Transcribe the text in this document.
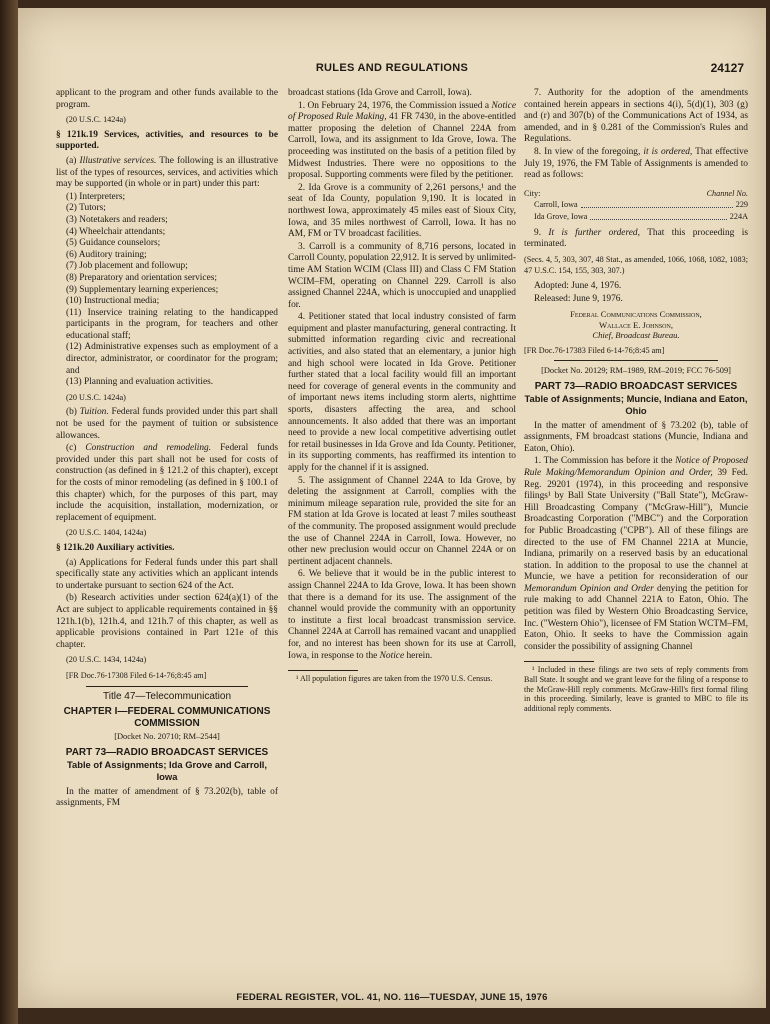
RULES AND REGULATIONS	24127

applicant to the program and other funds available to the program.

(20 U.S.C. 1424a)

§ 121k.19 Services, activities, and resources to be supported.

(a) Illustrative services. The following is an illustrative list of the types of resources, services, and activities which may be supported (in whole or in part) under this part:

(1) Interpreters;

(2) Tutors;

(3) Notetakers and readers;

(4) Wheelchair attendants;

(5) Guidance counselors;

(6) Auditory training;

(7) Job placement and followup;

(8) Preparatory and orientation services;

(9) Supplementary learning experiences;

(10) Instructional media;

(11) Inservice training relating to the handicapped participants in the program, for teachers and other educational staff;

(12) Administrative expenses such as employment of a director, administrator, or coordinator for the program; and

(13) Planning and evaluation activities.

(20 U.S.C. 1424a)

(b) Tuition. Federal funds provided under this part shall not be used for the payment of tuition or subsistence allowances.

(c) Construction and remodeling. Federal funds provided under this part shall not be used for costs of construction (as defined in § 121.2 of this chapter), except for the costs of minor remodeling (as defined in § 100.1 of this chapter) which, for the purposes of this part, may include the acquisition, installation, modernization, or replacement of equipment.

(20 U.S.C. 1404, 1424a)

§ 121k.20 Auxiliary activities.

(a) Applications for Federal funds under this part shall specifically state any activities which an applicant intends to undertake pursuant to section 624 of the Act.

(b) Research activities under section 624(a)(1) of the Act are subject to applicable requirements contained in §§ 121h.1(b), 121h.4, and 121h.7 of this chapter, as well as applicable provisions contained in Part 121e of this chapter.

(20 U.S.C. 1434, 1424a)
[FR Doc.76-17308 Filed 6-14-76;8:45 am]
Title 47—Telecommunication
CHAPTER I—FEDERAL COMMUNICATIONS COMMISSION
[Docket No. 20710; RM–2544]
PART 73—RADIO BROADCAST SERVICES
Table of Assignments; Ida Grove and Carroll, Iowa

In the matter of amendment of § 73.202(b), table of assignments, FM

broadcast stations (Ida Grove and Carroll, Iowa).

1. On February 24, 1976, the Commission issued a Notice of Proposed Rule Making, 41 FR 7430, in the above-entitled matter proposing the deletion of Channel 224A from Carroll, Iowa, and its assignment to Ida Grove, Iowa. The proceeding was instituted on the basis of a petition filed by Midwest Industries. There were no oppositions to the proposal. Supporting comments were filed by the petitioner.

2. Ida Grove is a community of 2,261 persons,¹ and the seat of Ida County, population 9,190. It is located in northwest Iowa, approximately 45 miles east of Sioux City, Iowa, and 35 miles northwest of Carroll, Iowa. It has no AM, FM or TV broadcast facilities.

3. Carroll is a community of 8,716 persons, located in Carroll County, population 22,912. It is served by unlimited-time AM Station WCIM (Class III) and Class C FM Station WCIM–FM, operating on Channel 229. Carroll is also assigned Channel 224A, which is unoccupied and unapplied for.

4. Petitioner stated that local industry consisted of farm equipment and plaster manufacturing, general contracting. It submitted information regarding civic and recreational activities, and also stated that an elementary, a junior high and high school were located in Ida Grove. Petitioner further stated that a local facility would fill an important need for coverage of general events in the community and of important news items including storm alerts, nighttime sports, disasters affecting the area, and school announcements. It also added that there was an important need to provide a new local competitive advertising outlet for retail businesses in Ida Grove and Ida County. Petitioner, in its supporting comments, has reaffirmed its intention to apply for the channel if it is assigned.

5. The assignment of Channel 224A to Ida Grove, by deleting the assignment at Carroll, complies with the minimum mileage separation rule, provided the site for an FM station at Ida Grove is located at least 7 miles southeast of the community. The proposed assignment would preclude the use of Channel 224A in Carroll, Iowa. However, no other new preclusion would occur on Channel 224A or on pertinent adjacent channels.

6. We believe that it would be in the public interest to assign Channel 224A to Ida Grove, Iowa. It has been shown that there is a demand for its use. The assignment of the channel would provide the community with an opportunity to institute a first local broadcast transmission service. Channel 224A at Carroll has remained vacant and unapplied for, and no interest has been shown for its use at Carroll, Iowa, in response to the Notice herein.

¹ All population figures are taken from the 1970 U.S. Census.

7. Authority for the adoption of the amendments contained herein appears in sections 4(i), 5(d)(1), 303 (g) and (r) and 307(b) of the Communications Act of 1934, as amended, and in § 0.281 of the Commission's Rules and Regulations.

8. In view of the foregoing, it is ordered, That effective July 19, 1976, the FM Table of Assignments is amended to read as follows:

City:	Channel No.
Carroll, Iowa	229
Ida Grove, Iowa	224A

9. It is further ordered, That this proceeding is terminated.

(Secs. 4, 5, 303, 307, 48 Stat., as amended, 1066, 1068, 1082, 1083; 47 U.S.C. 154, 155, 303, 307.)

Adopted: June 4, 1976.

Released: June 9, 1976.

Federal Communications Commission,
Wallace E. Johnson,
Chief, Broadcast Bureau.
[FR Doc.76-17383 Filed 6-14-76;8:45 am]
[Docket No. 20129; RM–1989, RM–2019; FCC 76-509]
PART 73—RADIO BROADCAST SERVICES
Table of Assignments; Muncie, Indiana and Eaton, Ohio

In the matter of amendment of § 73.202 (b), table of assignments, FM broadcast stations (Muncie, Indiana and Eaton, Ohio).

1. The Commission has before it the Notice of Proposed Rule Making/Memorandum Opinion and Order, 39 Fed. Reg. 29201 (1974), in this proceeding and responsive filings¹ by Ball State University ("Ball State"), McGraw-Hill Broadcasting Company ("McGraw-Hill"), Muncie Broadcasting Corporation ("MBC") and the Corporation for Public Broadcasting ("CPB"). All of these filings are directed to the use of FM Channel 221A at Muncie, Indiana, primarily on a reserved basis by an educational station. In addition to the proposal to use the channel at Muncie, we have a petition for reconsideration of our Memorandum Opinion and Order denying the petition for rule making to add Channel 221A to Eaton, Ohio. The petition was filed by Western Ohio Broadcasting Service, Inc. ("Western Ohio"), licensee of FM Station WCTM–FM, Eaton, Ohio. It seeks to have the Commission again consider the possibility of assigning Channel

¹ Included in these filings are two sets of reply comments from Ball State. It sought and we grant leave for the filing of a response to the McGraw-Hill reply comments. McGraw-Hill's first formal filing in this proceeding. Similarly, leave is granted to MBC to file its additional reply comments.

FEDERAL REGISTER, VOL. 41, NO. 116—TUESDAY, JUNE 15, 1976
